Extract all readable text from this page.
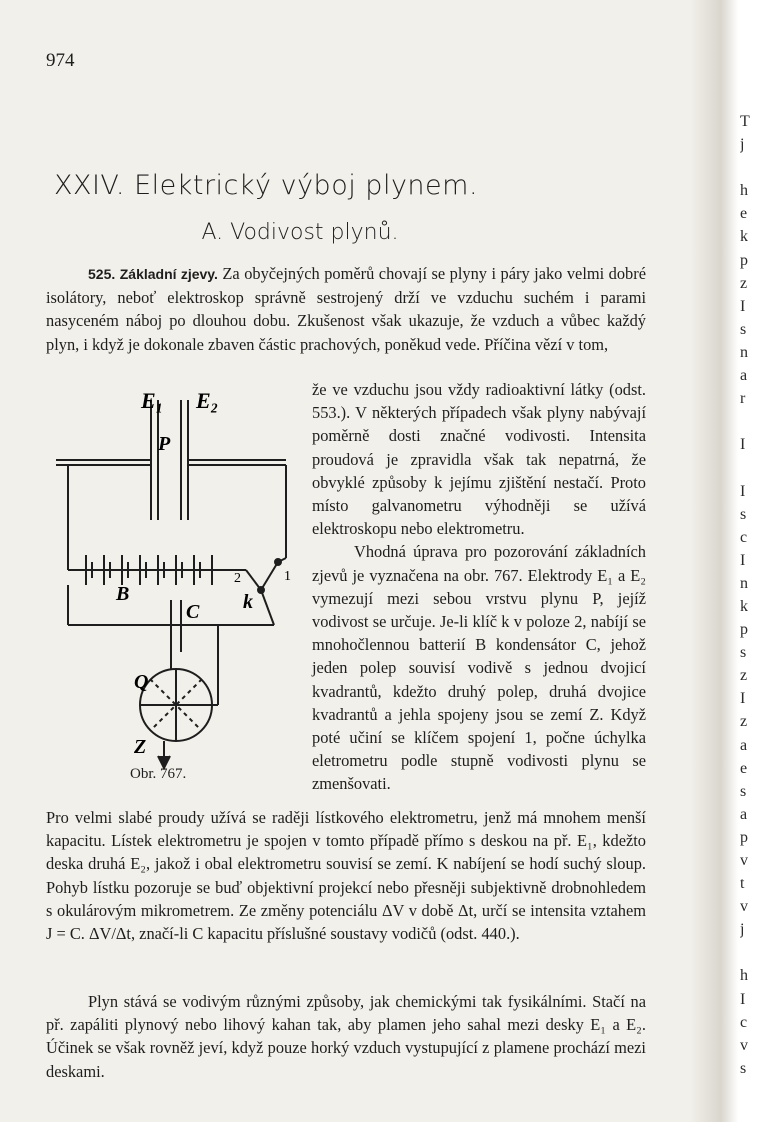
974
XXIV. Elektrický výboj plynem.
A. Vodivost plynů.

525. Základní zjevy. Za obyčejných poměrů chovají se plyny i páry jako velmi dobré isolátory, neboť elektroskop správně sestrojený drží ve vzduchu suchém i parami nasyceném náboj po dlouhou dobu. Zkušenost však ukazuje, že vzduch a vůbec každý plyn, i když je dokonale zbaven částic prachových, poněkud vede. Příčina vězí v tom,

že ve vzduchu jsou vždy radioaktivní látky (odst. 553.). V některých případech však plyny nabývají poměrně dosti značné vodivosti. Intensita proudová je zpravidla však tak nepatrná, že obvyklé způsoby k jejímu zjištění nestačí. Proto místo galvanometru výhodněji se užívá elektroskopu nebo elektrometru.

Vhodná úprava pro pozorování základních zjevů je vyznačena na obr. 767. Elektrody E₁ a E₂ vymezují mezi sebou vrstvu plynu P, jejíž vodivost se určuje. Je-li klíč k v poloze 2, nabíjí se mnohočlennou batterií B kondensátor C, jehož jeden polep souvisí vodivě s jednou dvojicí kvadrantů, kdežto druhý polep, druhá dvojice kvadrantů a jehla spojeny jsou se zemí Z. Když poté učiní se klíčem spojení 1, počne úchylka eletrometru podle stupně vodivosti plynu se zmenšovati.

E₁ E₂
P
B
C k
Q
Z
2	1
Obr. 767.

Pro velmi slabé proudy užívá se raději lístkového elektrometru, jenž má mnohem menší kapacitu. Lístek elektrometru je spojen v tomto případě přímo s deskou na př. E₁, kdežto deska druhá E₂, jakož i obal elektrometru souvisí se zemí. K nabíjení se hodí suchý sloup. Pohyb lístku pozoruje se buď objektivní projekcí nebo přesněji subjektivně drobnohledem s okulárovým mikrometrem. Ze změny potenciálu ΔV v době Δt, určí se intensita vztahem J = C. ΔV/Δt, značí-li C kapacitu příslušné soustavy vodičů (odst. 440.).

Plyn stává se vodivým různými způsoby, jak chemickými tak fysikálními. Stačí na př. zapáliti plynový nebo lihový kahan tak, aby plamen jeho sahal mezi desky E₁ a E₂. Účinek se však rovněž jeví, když pouze horký vzduch vystupující z plamene prochází mezi deskami.

T
j
h
e
k
p
z
I
s
n
a
r
I
I
s
c
I
n
k
p
s
z
I
z
a
e
s
a
p
v
t
v
j
h
I
c
v
s
